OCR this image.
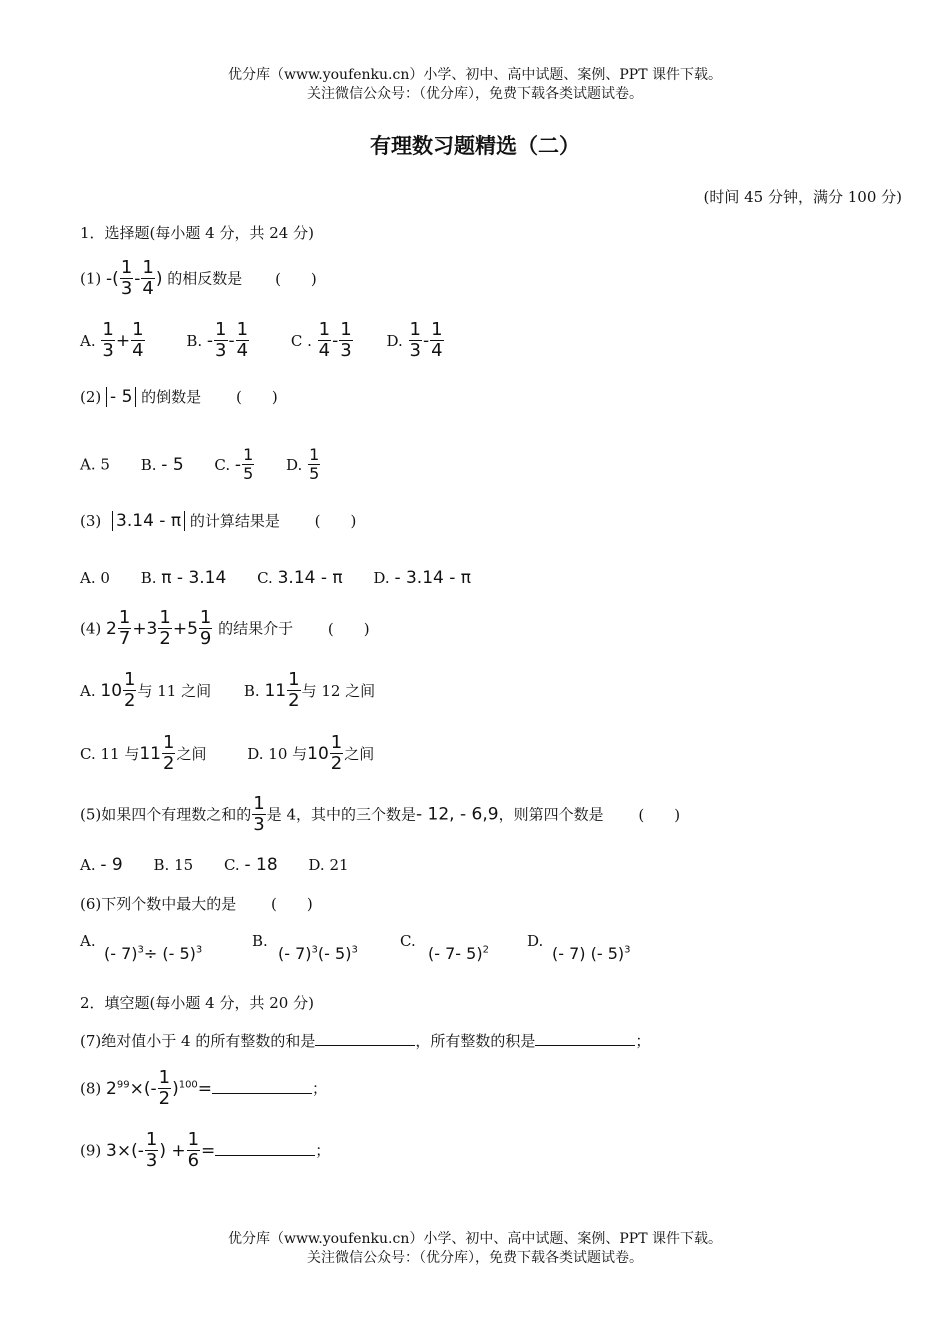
优分库（www.youfenku.cn）小学、初中、高中试题、案例、PPT 课件下载。
关注微信公众号：（优分库），免费下载各类试题试卷。
有理数习题精选（二）
(时间 45 分钟，满分 100 分)
1．选择题(每小题 4 分，共 24 分)
(1) -( $\frac{1}{3} - \frac{1}{4}$ ) 的相反数是 (　　)
A. $\frac{1}{3} + \frac{1}{4}$	B. - $\frac{1}{3} - \frac{1}{4}$	C . $\frac{1}{4} - \frac{1}{3} D$. $\frac{1}{3} - \frac{1}{4}$
(2) - 5 的倒数是 (　　)
A. 5 B. - 5 C. - $\frac{1}{5} D$. $\frac{1}{5}$
(3) 3.14 - π 的计算结果是 (　　)
A. 0 B. π - 3.14 C. 3.14 - π D. - 3.14 - π
(4) $2 \frac{1}{7} +3 \frac{1}{2} +5 \frac{1}{9}$ 的结果介于 (　　)
A. $10 \frac{1}{2}$ 与 11 之间 B. $11 \frac{1}{2}$ 与 12 之间
C. 11 与$11 \frac{1}{2}$ 之间	D. 10 与$10 \frac{1}{2}$ 之间
(5)如果四个有理数之和的 $\frac{1}{3}$ 是 4，其中的三个数是- 12, - 6,9，则第四个数是 (　　)
A. - 9 B. 15 C. - 18 D. 21
(6)下列个数中最大的是 (　　)
A.
(- 7)$^3$÷ (- 5)$^3$
B.
(- 7)$^3$(- 5)$^3$
C.
(- 7- 5)$^2$
D.
(- 7) (- 5)$^3$
2．填空题(每小题 4 分，共 20 分)
(7)绝对值小于 4 的所有整数的和是	，所有整数的积是	；
(8) $2^{99}\times(- \frac{1}{2} )^{100}=$	；
(9) $3\times(- \frac{1}{3}$ ) + $\frac{1}{6}$ =	；
优分库（www.youfenku.cn）小学、初中、高中试题、案例、PPT 课件下载。
关注微信公众号：（优分库），免费下载各类试题试卷。
